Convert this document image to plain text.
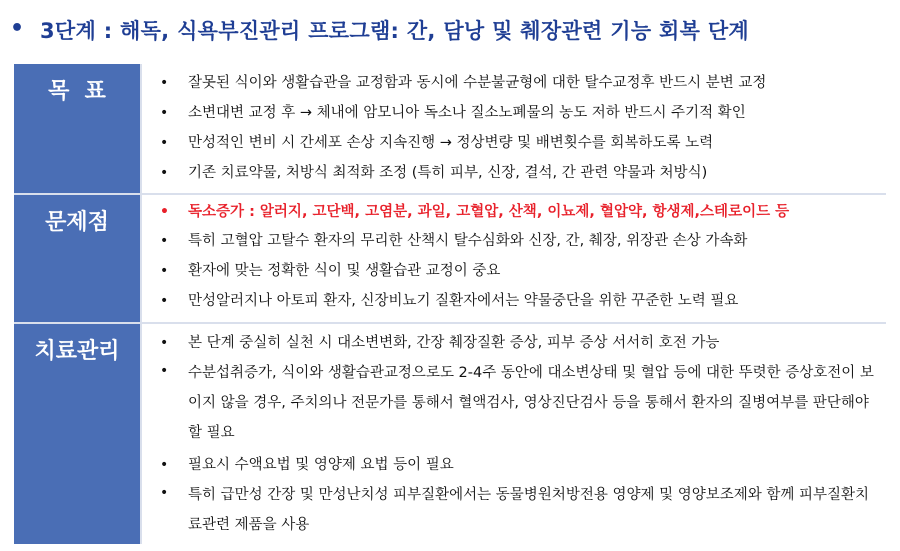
• 3단계 : 해독, 식욕부진관리 프로그램: 간, 담낭 및 췌장관련 기능 회복 단계
목  표	• 잘못된 식이와 생활습관을 교정함과 동시에 수분불균형에 대한 탈수교정후 반드시 분변 교정
• 소변대변 교정 후 → 체내에 암모니아 독소나 질소노폐물의 농도 저하 반드시 주기적 확인
• 만성적인 변비 시 간세포 손상 지속진행 → 정상변량 및 배변횟수를 회복하도록 노력
• 기존 치료약물, 처방식 최적화 조정 (특히 피부, 신장, 결석, 간 관련 약물과 처방식)
문제점	• 독소증가 : 알러지, 고단백, 고염분, 과일, 고혈압, 산책, 이뇨제, 혈압약, 항생제,스테로이드 등
• 특히 고혈압 고탈수 환자의 무리한 산책시 탈수심화와 신장, 간, 췌장, 위장관 손상 가속화
• 환자에 맞는 정확한 식이 및 생활습관 교정이 중요
• 만성알러지나 아토피 환자, 신장비뇨기 질환자에서는 약물중단을 위한 꾸준한 노력 필요
치료관리	• 본 단계 중실히 실천 시 대소변변화, 간장 췌장질환 증상, 피부 증상 서서히 호전 가능
• 수분섭취증가, 식이와 생활습관교정으로도 2-4주 동안에 대소변상태 및 혈압 등에 대한 뚜렷한 증상호전이 보이지 않을 경우, 주치의나 전문가를 통해서 혈액검사, 영상진단검사 등을 통해서 환자의 질병여부를 판단해야 할 필요
• 필요시 수액요법 및 영양제 요법 등이 필요
• 특히 급만성 간장 및 만성난치성 피부질환에서는 동물병원처방전용 영양제 및 영양보조제와 함께 피부질환치료관련 제품을 사용
